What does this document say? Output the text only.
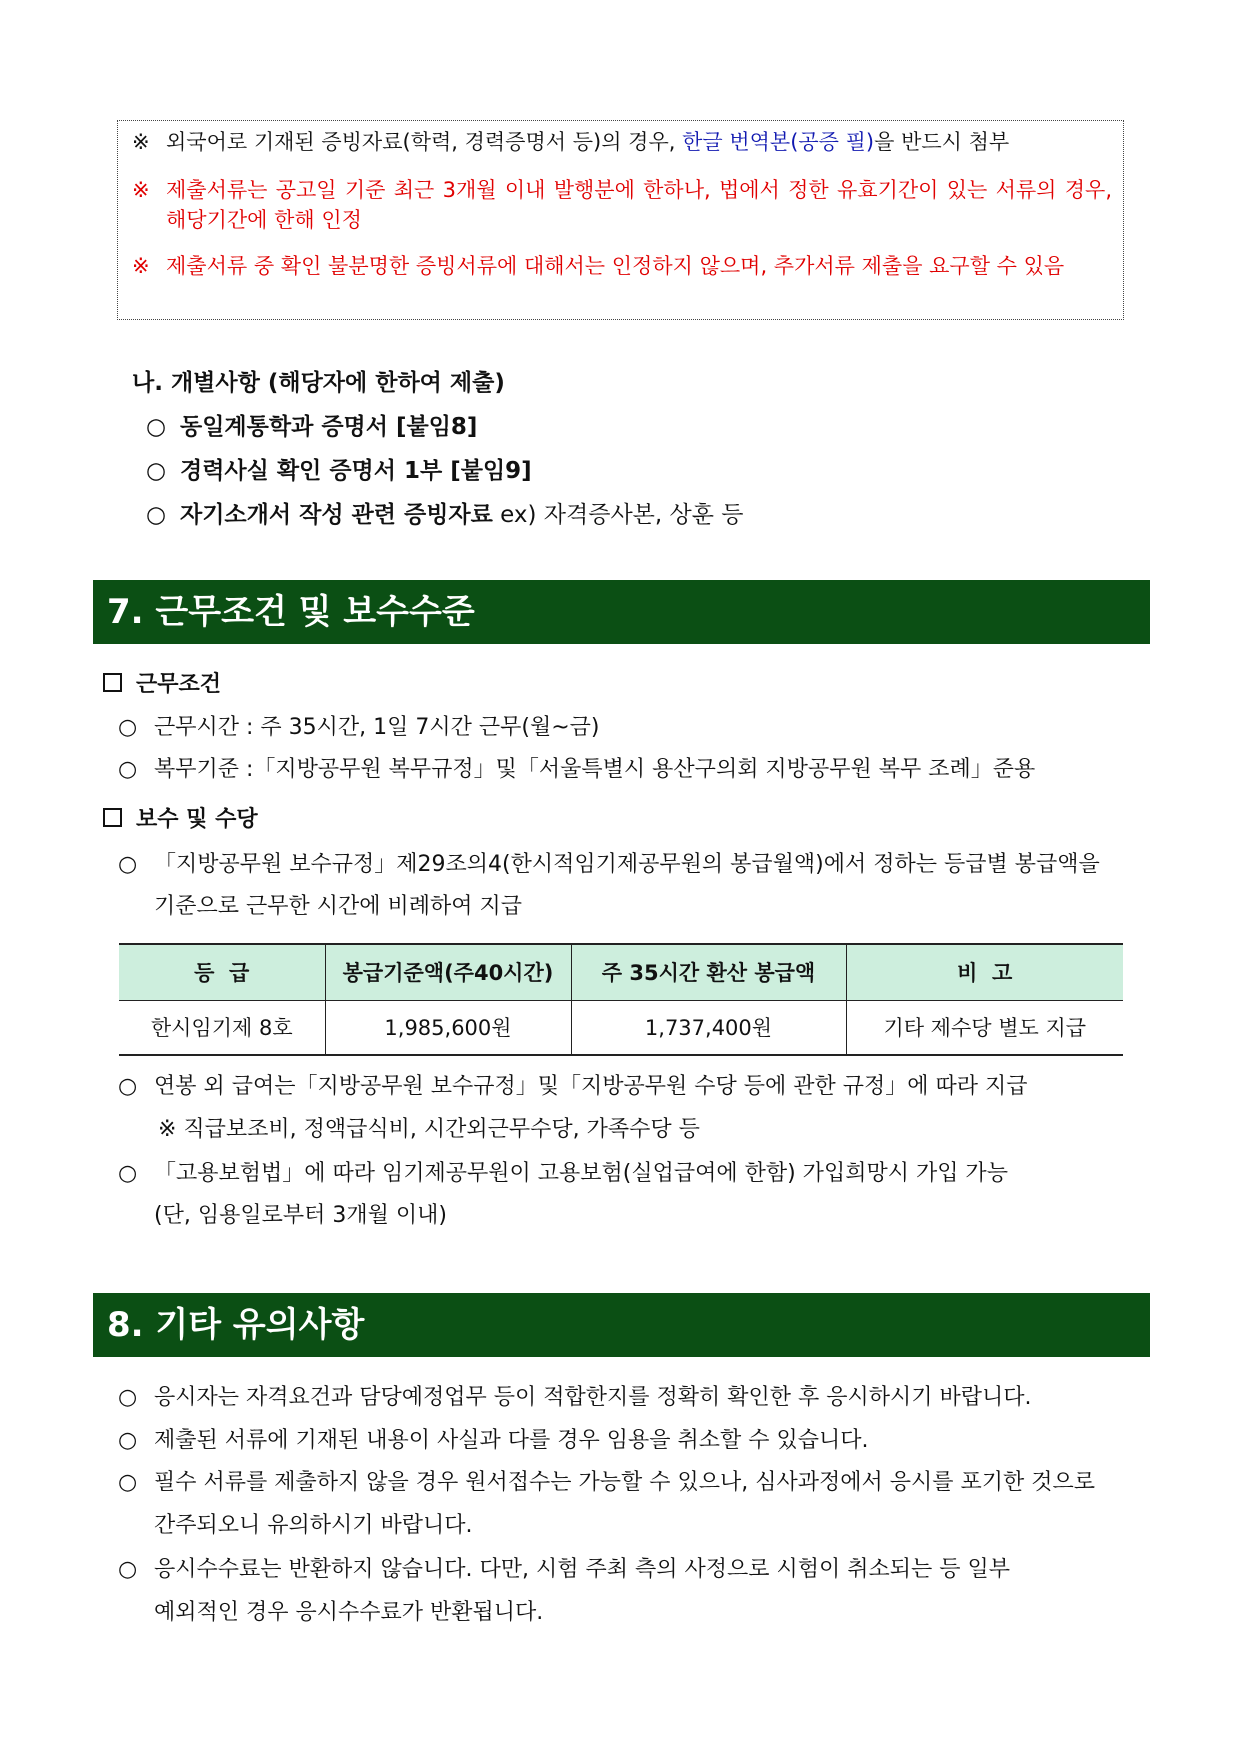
※ 외국어로 기재된 증빙자료(학력, 경력증명서 등)의 경우, 한글 번역본(공증 필)을 반드시 첨부
※ 제출서류는 공고일 기준 최근 3개월 이내 발행분에 한하나, 법에서 정한 유효기간이 있는 서류의 경우, 해당기간에 한해 인정
※ 제출서류 중 확인 불분명한 증빙서류에 대해서는 인정하지 않으며, 추가서류 제출을 요구할 수 있음
나. 개별사항 (해당자에 한하여 제출)
○ 동일계통학과 증명서 [붙임8]
○ 경력사실 확인 증명서 1부 [붙임9]
○ 자기소개서 작성 관련 증빙자료 ex) 자격증사본, 상훈 등
7. 근무조건 및 보수수준
근무조건
○ 근무시간 : 주 35시간, 1일 7시간 근무(월~금)
○ 복무기준 :「지방공무원 복무규정」및「서울특별시 용산구의회 지방공무원 복무 조례」준용
보수 및 수당
○ 「지방공무원 보수규정」제29조의4(한시적임기제공무원의 봉급월액)에서 정하는 등급별 봉급액을
기준으로 근무한 시간에 비례하여 지급
등  급	봉급기준액(주40시간)	주 35시간 환산 봉급액	비  고
한시임기제 8호	1,985,600원	1,737,400원	기타 제수당 별도 지급
○ 연봉 외 급여는「지방공무원 보수규정」및「지방공무원 수당 등에 관한 규정」에 따라 지급
※ 직급보조비, 정액급식비, 시간외근무수당, 가족수당 등
○ 「고용보험법」에 따라 임기제공무원이 고용보험(실업급여에 한함) 가입희망시 가입 가능
(단, 임용일로부터 3개월 이내)
8. 기타 유의사항
○ 응시자는 자격요건과 담당예정업무 등이 적합한지를 정확히 확인한 후 응시하시기 바랍니다.
○ 제출된 서류에 기재된 내용이 사실과 다를 경우 임용을 취소할 수 있습니다.
○ 필수 서류를 제출하지 않을 경우 원서접수는 가능할 수 있으나, 심사과정에서 응시를 포기한 것으로
간주되오니 유의하시기 바랍니다.
○ 응시수수료는 반환하지 않습니다. 다만, 시험 주최 측의 사정으로 시험이 취소되는 등 일부
예외적인 경우 응시수수료가 반환됩니다.
